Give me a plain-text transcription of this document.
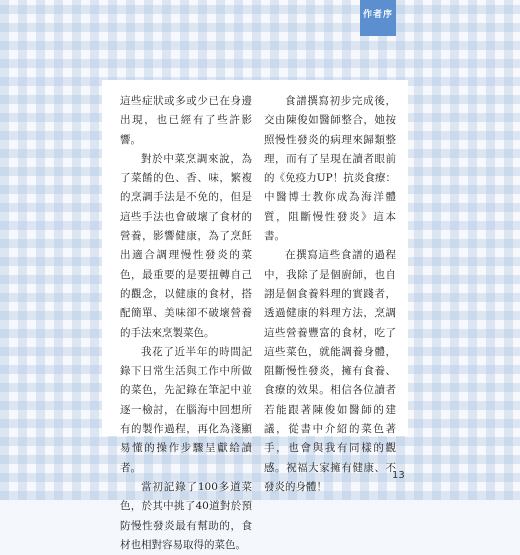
作者序

這些症狀或多或少已在身邊出現，也已經有了些許影響。

對於中菜烹調來說，為了菜餚的色、香、味，繁複的烹調手法是不免的，但是這些手法也會破壞了食材的營養，影響健康，為了烹飪出適合調理慢性發炎的菜色，最重要的是要扭轉自己的觀念，以健康的食材，搭配簡單、美味卻不破壞營養的手法來烹製菜色。

我花了近半年的時間記錄下日常生活與工作中所做的菜色，先記錄在筆記中並逐一檢討，在腦海中回想所有的製作過程，再化為淺顯易懂的操作步驟呈獻給讀者。

當初記錄了100多道菜色，於其中挑了40道對於預防慢性發炎最有幫助的，食材也相對容易取得的菜色。

食譜撰寫初步完成後，交由陳俊如醫師整合，她按照慢性發炎的病理來歸類整理，而有了呈現在讀者眼前的《免疫力UP！抗炎食療：中醫博士教你成為海洋體質，阻斷慢性發炎》這本書。

在撰寫這些食譜的過程中，我除了是個廚師，也自詡是個食養料理的實踐者，透過健康的料理方法，烹調這些營養豐富的食材，吃了這些菜色，就能調養身體，阻斷慢性發炎，擁有食養、食療的效果。相信各位讀者若能跟著陳俊如醫師的建議，從書中介紹的菜色著手，也會與我有同樣的觀感。祝福大家擁有健康、不發炎的身體！

13
